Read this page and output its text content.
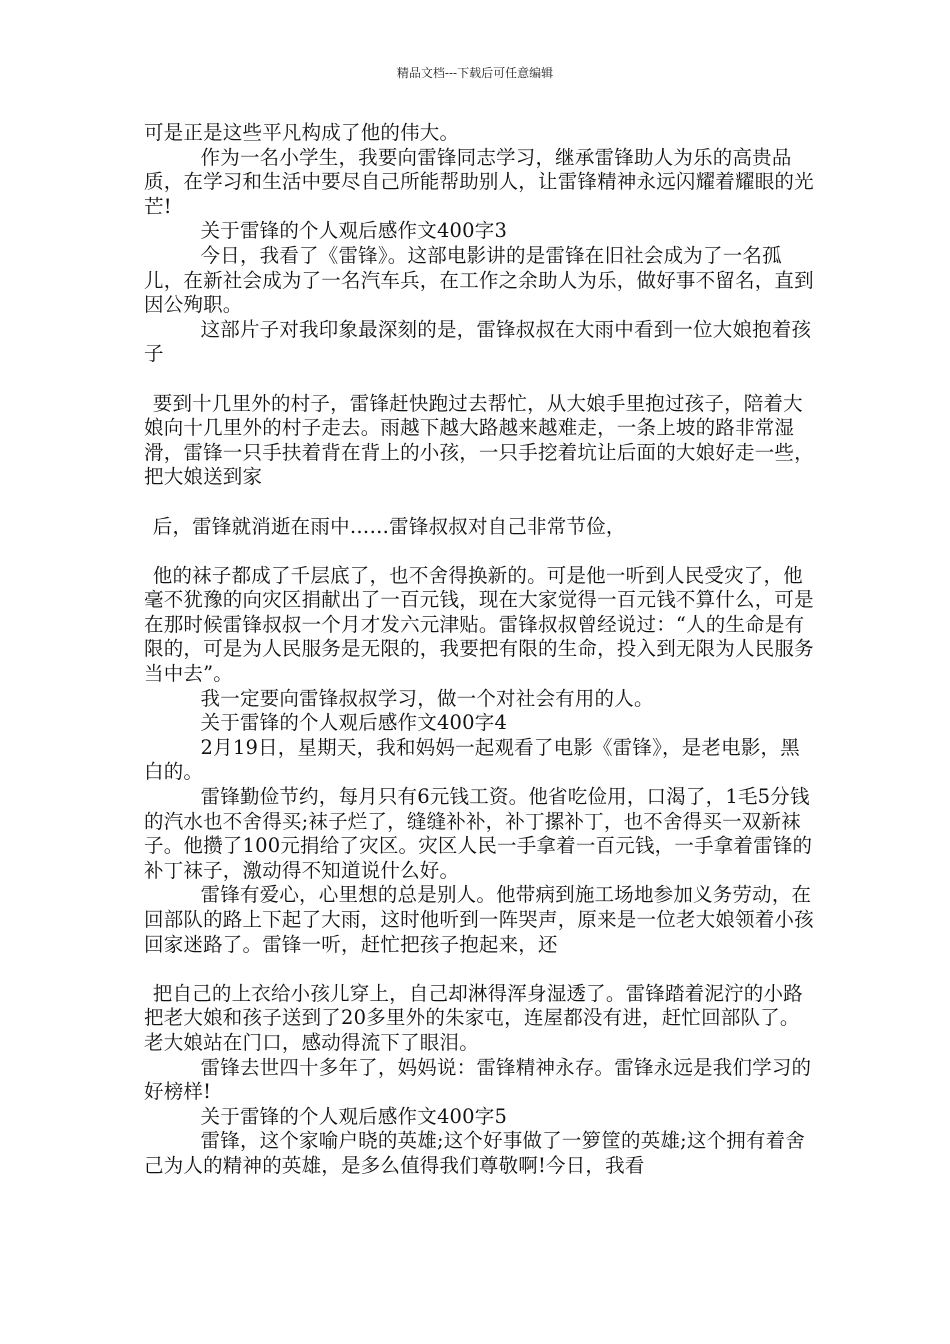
精品文档---下载后可任意编辑

可是正是这些平凡构成了他的伟大。

作为一名小学生，我要向雷锋同志学习，继承雷锋助人为乐的高贵品质，在学习和生活中要尽自己所能帮助别人，让雷锋精神永远闪耀着耀眼的光芒!

关于雷锋的个人观后感作文400字3

今日，我看了《雷锋》。这部电影讲的是雷锋在旧社会成为了一名孤儿，在新社会成为了一名汽车兵，在工作之余助人为乐，做好事不留名，直到因公殉职。

这部片子对我印象最深刻的是，雷锋叔叔在大雨中看到一位大娘抱着孩子

要到十几里外的村子，雷锋赶快跑过去帮忙，从大娘手里抱过孩子，陪着大娘向十几里外的村子走去。雨越下越大路越来越难走，一条上坡的路非常湿滑，雷锋一只手扶着背在背上的小孩，一只手挖着坑让后面的大娘好走一些，把大娘送到家

后，雷锋就消逝在雨中……雷锋叔叔对自己非常节俭，

他的袜子都成了千层底了，也不舍得换新的。可是他一听到人民受灾了，他毫不犹豫的向灾区捐献出了一百元钱，现在大家觉得一百元钱不算什么，可是在那时候雷锋叔叔一个月才发六元津贴。雷锋叔叔曾经说过：“人的生命是有限的，可是为人民服务是无限的，我要把有限的生命，投入到无限为人民服务当中去”。

我一定要向雷锋叔叔学习，做一个对社会有用的人。

关于雷锋的个人观后感作文400字4

2月19日，星期天，我和妈妈一起观看了电影《雷锋》，是老电影，黑白的。

雷锋勤俭节约，每月只有6元钱工资。他省吃俭用，口渴了，1毛5分钱的汽水也不舍得买;袜子烂了，缝缝补补，补丁摞补丁，也不舍得买一双新袜子。他攒了100元捐给了灾区。灾区人民一手拿着一百元钱，一手拿着雷锋的补丁袜子，激动得不知道说什么好。

雷锋有爱心，心里想的总是别人。他带病到施工场地参加义务劳动，在回部队的路上下起了大雨，这时他听到一阵哭声，原来是一位老大娘领着小孩回家迷路了。雷锋一听，赶忙把孩子抱起来，还

把自己的上衣给小孩儿穿上，自己却淋得浑身湿透了。雷锋踏着泥泞的小路把老大娘和孩子送到了20多里外的朱家屯，连屋都没有进，赶忙回部队了。老大娘站在门口，感动得流下了眼泪。

雷锋去世四十多年了，妈妈说：雷锋精神永存。雷锋永远是我们学习的好榜样!

关于雷锋的个人观后感作文400字5

雷锋，这个家喻户晓的英雄;这个好事做了一箩筐的英雄;这个拥有着舍己为人的精神的英雄，是多么值得我们尊敬啊!今日，我看
